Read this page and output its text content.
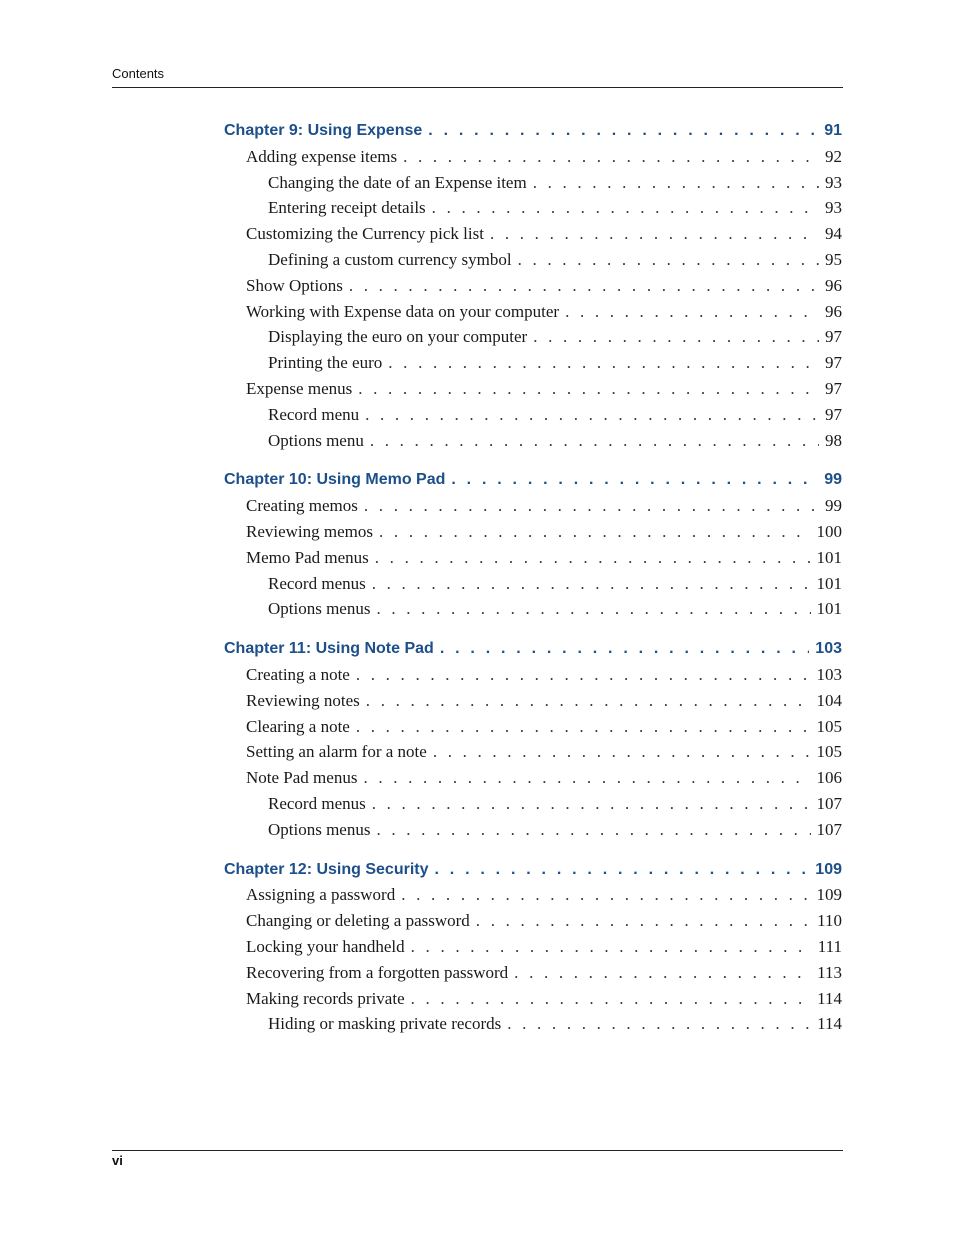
Contents
Chapter 9: Using Expense . . .	91
Adding expense items . . .	92
Changing the date of an Expense item . . .	93
Entering receipt details . . .	93
Customizing the Currency pick list . . .	94
Defining a custom currency symbol . . .	95
Show Options . . .	96
Working with Expense data on your computer . . .	96
Displaying the euro on your computer . . .	97
Printing the euro . . .	97
Expense menus . . .	97
Record menu . . .	97
Options menu . . .	98
Chapter 10: Using Memo Pad . . .	99
Creating memos . . .	99
Reviewing memos . . .	100
Memo Pad menus . . .	101
Record menus . . .	101
Options menus . . .	101
Chapter 11: Using Note Pad . . .	103
Creating a note . . .	103
Reviewing notes . . .	104
Clearing a note . . .	105
Setting an alarm for a note . . .	105
Note Pad menus . . .	106
Record menus . . .	107
Options menus . . .	107
Chapter 12: Using Security . . .	109
Assigning a password . . .	109
Changing or deleting a password . . .	110
Locking your handheld . . .	111
Recovering from a forgotten password . . .	113
Making records private . . .	114
Hiding or masking private records . . .	114
vi
